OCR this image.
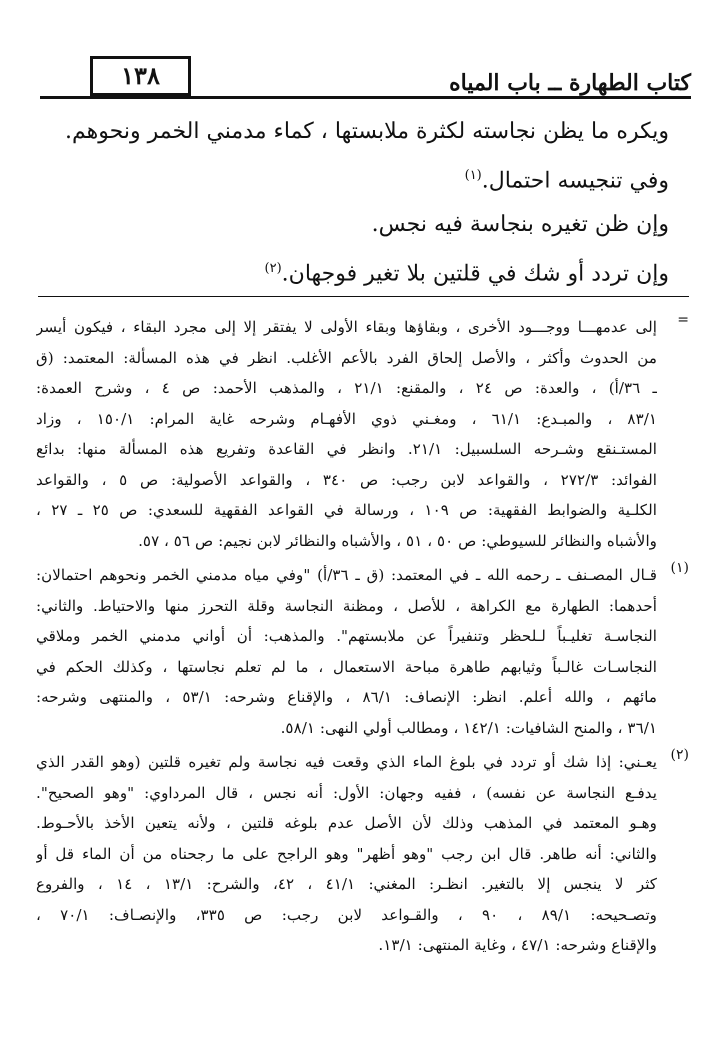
١٣٨	كتاب الطهارة ــ باب المياه

ويكره ما يظن نجاسته لكثرة ملابستها ، كماء مدمني الخمر ونحوهم.

وفي تنجيسه احتمال.$^{(١)}$

وإن ظن تغيره بنجاسة فيه نجس.

وإن تردد أو شك في قلتين بلا تغير فوجهان.$^{(٢)}$

=
إلى عدمهـــا ووجـــود الأخرى ، وبقاؤها وبقاء الأولى لا يفتقر إلا إلى مجرد البقاء ، فيكون أيسر
من الحدوث وأكثر ، والأصل إلحاق الفرد بالأعم الأغلب. انظر في هذه المسألة: المعتمد: (ق
ـ ٣٦/أ) ، والعدة: ص ٢٤ ، والمقنع: ٢١/١ ، والمذهب الأحمد: ص ٤ ، وشرح العمدة:
٨٣/١ ، والمبـدع: ٦١/١ ، ومغـني ذوي الأفهـام وشرحه غاية المرام: ١٥٠/١ ، وزاد
المستـنقع وشـرحه السلسبيل: ٢١/١. وانظر في القاعدة وتفريع هذه المسألة منها: بدائع
الفوائد: ٢٧٢/٣ ، والقواعد لابن رجب: ص ٣٤٠ ، والقواعد الأصولية: ص ٥ ، والقواعد
الكلـية والضوابط الفقهية: ص ١٠٩ ، ورسالة في القواعد الفقهية للسعدي: ص ٢٥ ـ ٢٧ ،
والأشباه والنظائر للسيوطي: ص ٥٠ ، ٥١ ، والأشباه والنظائر لابن نجيم: ص ٥٦ ، ٥٧.
(١)
قـال المصـنف ـ رحمه الله ـ في المعتمد: (ق ـ ٣٦/أ) "وفي مياه مدمني الخمر ونحوهم احتمالان:
أحدهما: الطهارة مع الكراهة ، للأصل ، ومظنة النجاسة وقلة التحرز منها والاحتياط. والثاني:
النجاسـة تغليـباً لـلحظر وتنفيراً عن ملابستهم". والمذهب: أن أواني مدمني الخمر وملاقي
النجاسـات غالـباً وثيابهم طاهرة مباحة الاستعمال ، ما لم تعلم نجاستها ، وكذلك الحكم في
مائهم ، والله أعلم. انظر: الإنصاف: ٨٦/١ ، والإقناع وشرحه: ٥٣/١ ، والمنتهى وشرحه:
٣٦/١ ، والمنح الشافيات: ١٤٢/١ ، ومطالب أولي النهى: ٥٨/١.
(٢)
يعـني: إذا شك أو تردد في بلوغ الماء الذي وقعت فيه نجاسة ولم تغيره قلتين (وهو القدر الذي
يدفـع النجاسة عن نفسه) ، ففيه وجهان: الأول: أنه نجس ، قال المرداوي: "وهو الصحيح".
وهـو المعتمد في المذهب وذلك لأن الأصل عدم بلوغه قلتين ، ولأنه يتعين الأخذ بالأحـوط.
والثاني: أنه طاهر. قال ابن رجب "وهو أظهر" وهو الراجح على ما رجحناه من أن الماء قل أو
كثر لا ينجس إلا بالتغير. انظـر: المغني: ٤١/١ ، ٤٢، والشرح: ١٣/١ ، ١٤ ، والفروع
وتصـحيحه: ٨٩/١ ، ٩٠ ، والقـواعد لابن رجب: ص ٣٣٥، والإنصـاف: ٧٠/١ ،
والإقناع وشرحه: ٤٧/١ ، وغاية المنتهى: ١٣/١.
